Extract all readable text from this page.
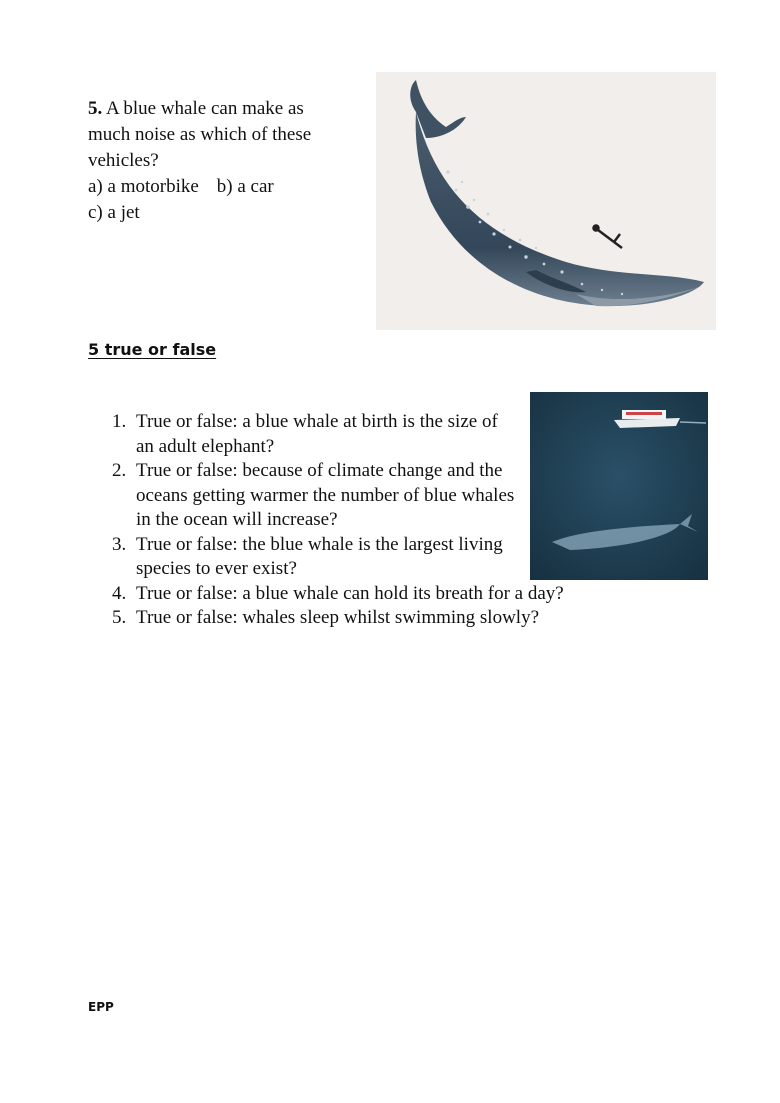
5. A blue whale can make as
much noise as which of these
vehicles?
a) a motorbike b) a car
c) a jet
5 true or false
1. True or false: a blue whale at birth is the size of an adult elephant?
2. True or false: because of climate change and the oceans getting warmer the number of blue whales in the ocean will increase?
3. True or false: the blue whale is the largest living species to ever exist?
4. True or false: a blue whale can hold its breath for a day?
5. True or false: whales sleep whilst swimming slowly?
EPP
